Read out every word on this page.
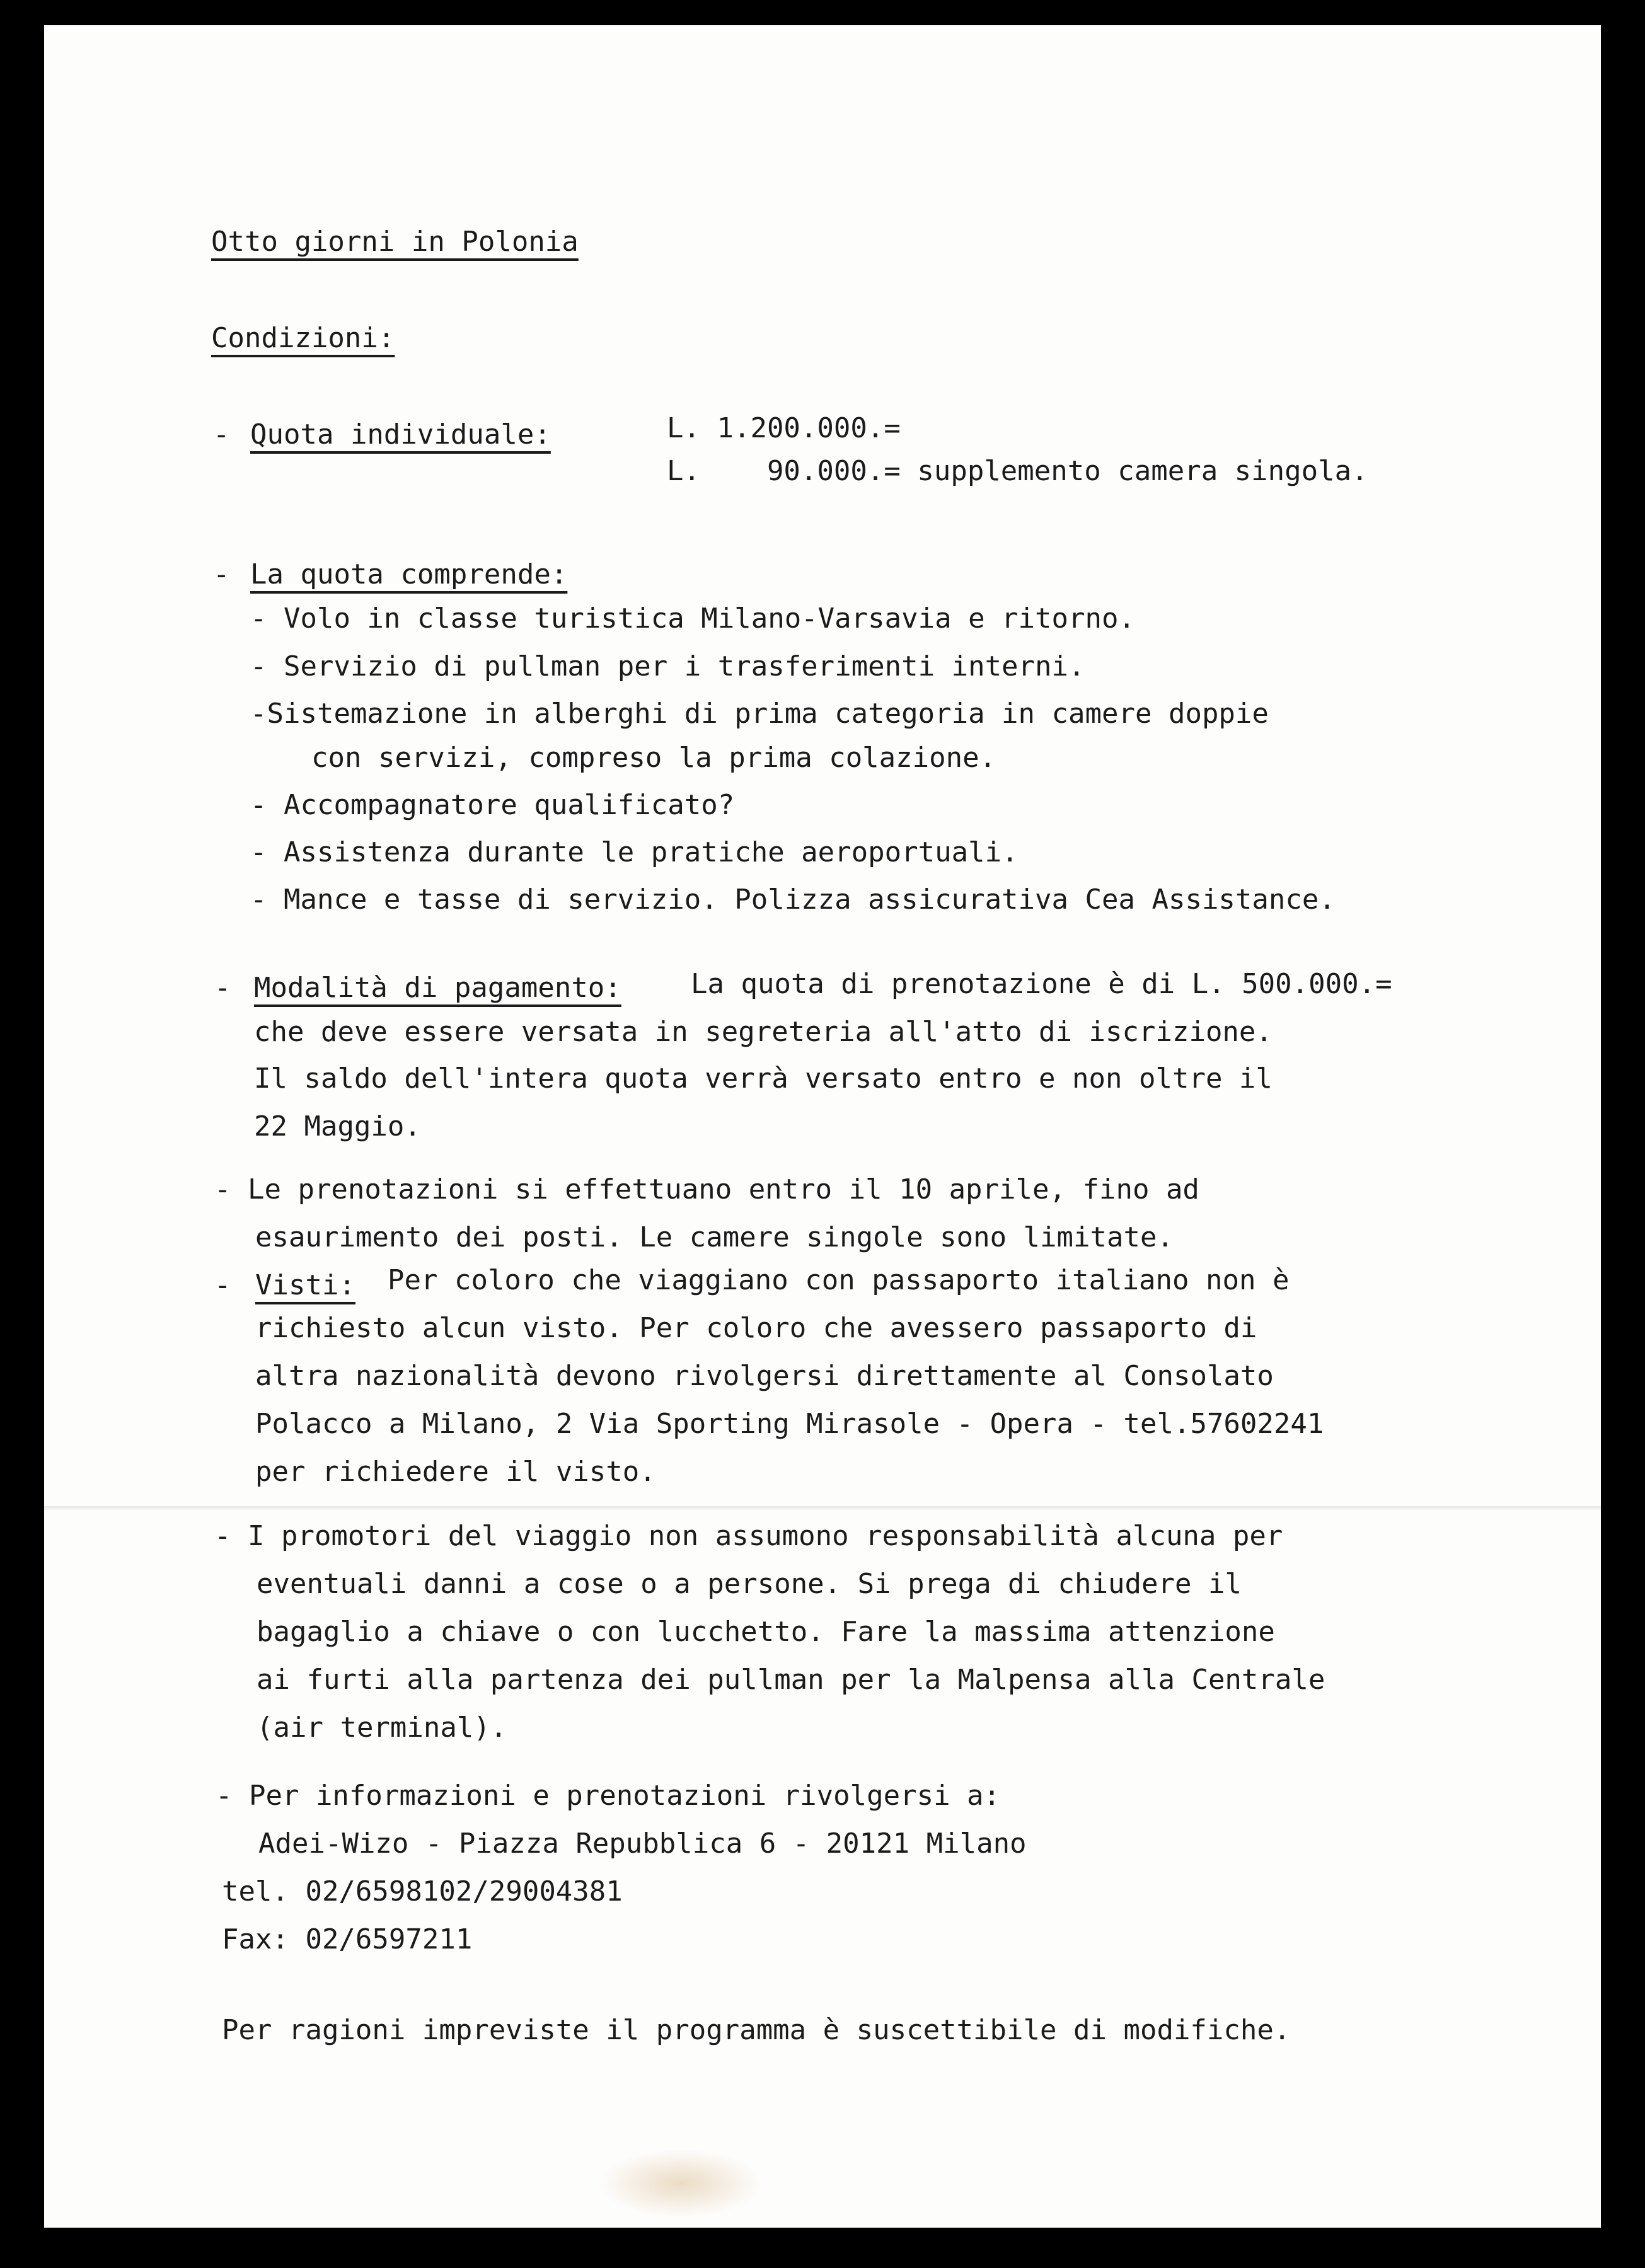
Otto giorni in Polonia
Condizioni:
- Quota individuale:	L. 1.200.000.=
L.    90.000.= supplemento camera singola.
- La quota comprende:
- Volo in classe turistica Milano-Varsavia e ritorno.
- Servizio di pullman per i trasferimenti interni.
-Sistemazione in alberghi di prima categoria in camere doppie
con servizi, compreso la prima colazione.
- Accompagnatore qualificato?
- Assistenza durante le pratiche aeroportuali.
- Mance e tasse di servizio. Polizza assicurativa Cea Assistance.
- Modalità di pagamento:	La quota di prenotazione è di L. 500.000.=
che deve essere versata in segreteria all'atto di iscrizione.
Il saldo dell'intera quota verrà versato entro e non oltre il
22 Maggio.
- Le prenotazioni si effettuano entro il 10 aprile, fino ad
esaurimento dei posti. Le camere singole sono limitate.
- Visti: Per coloro che viaggiano con passaporto italiano non è
richiesto alcun visto. Per coloro che avessero passaporto di
altra nazionalità devono rivolgersi direttamente al Consolato
Polacco a Milano, 2 Via Sporting Mirasole - Opera - tel.57602241
per richiedere il visto.
- I promotori del viaggio non assumono responsabilità alcuna per
eventuali danni a cose o a persone. Si prega di chiudere il
bagaglio a chiave o con lucchetto. Fare la massima attenzione
ai furti alla partenza dei pullman per la Malpensa alla Centrale
(air terminal).
- Per informazioni e prenotazioni rivolgersi a:
Adei-Wizo - Piazza Repubblica 6 - 20121 Milano
tel. 02/6598102/29004381
Fax: 02/6597211
Per ragioni impreviste il programma è suscettibile di modifiche.
